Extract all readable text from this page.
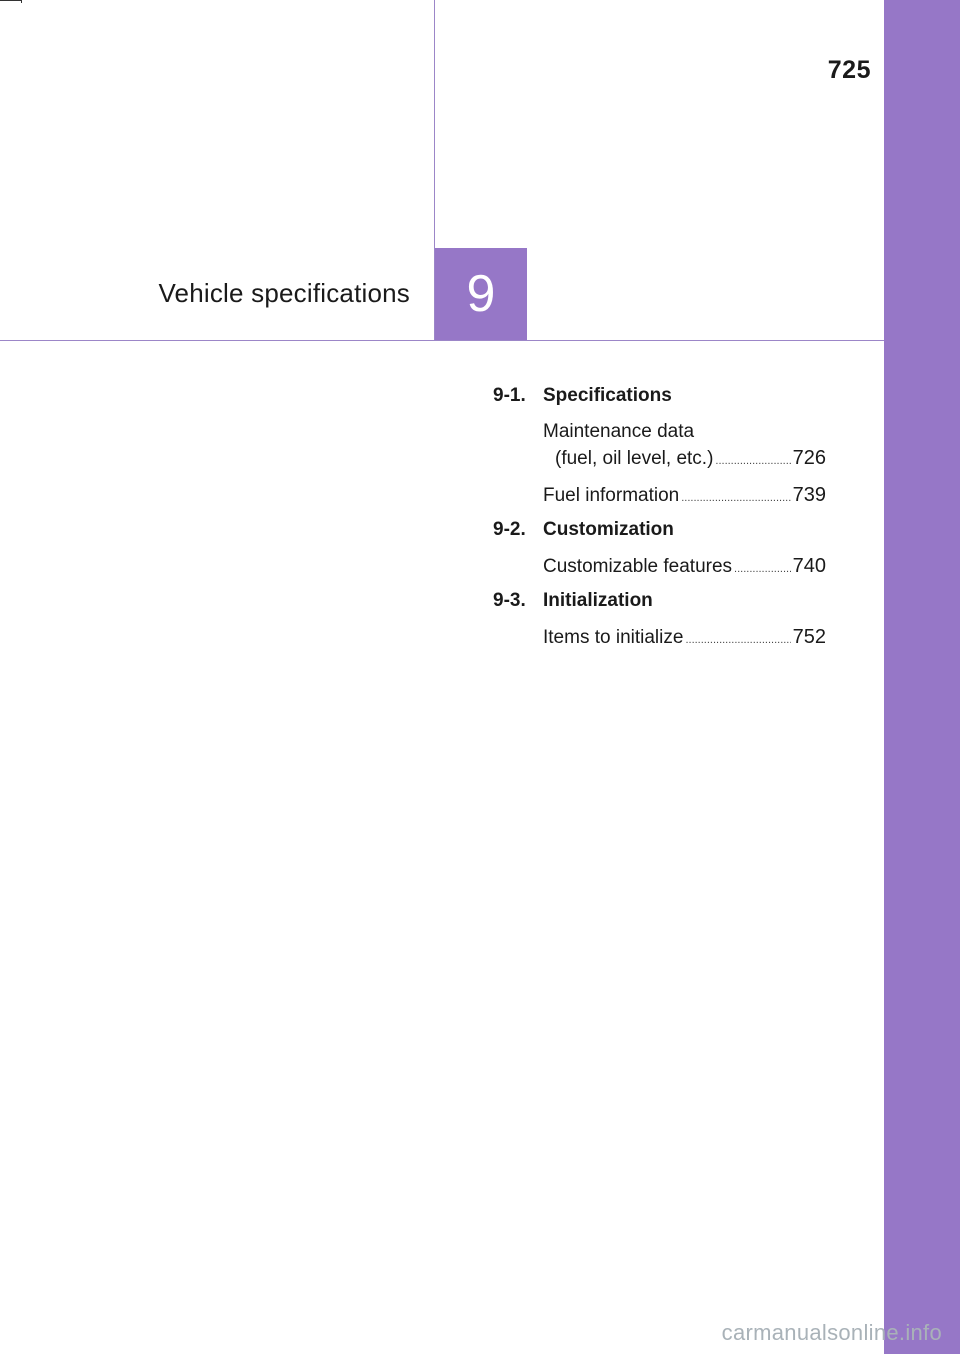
725
Vehicle specifications 9
9-1. Specifications
Maintenance data
(fuel, oil level, etc.) .....	726
Fuel information .....	739
9-2. Customization
Customizable features .....	740
9-3. Initialization
Items to initialize .....	752
carmanualsonline.info
